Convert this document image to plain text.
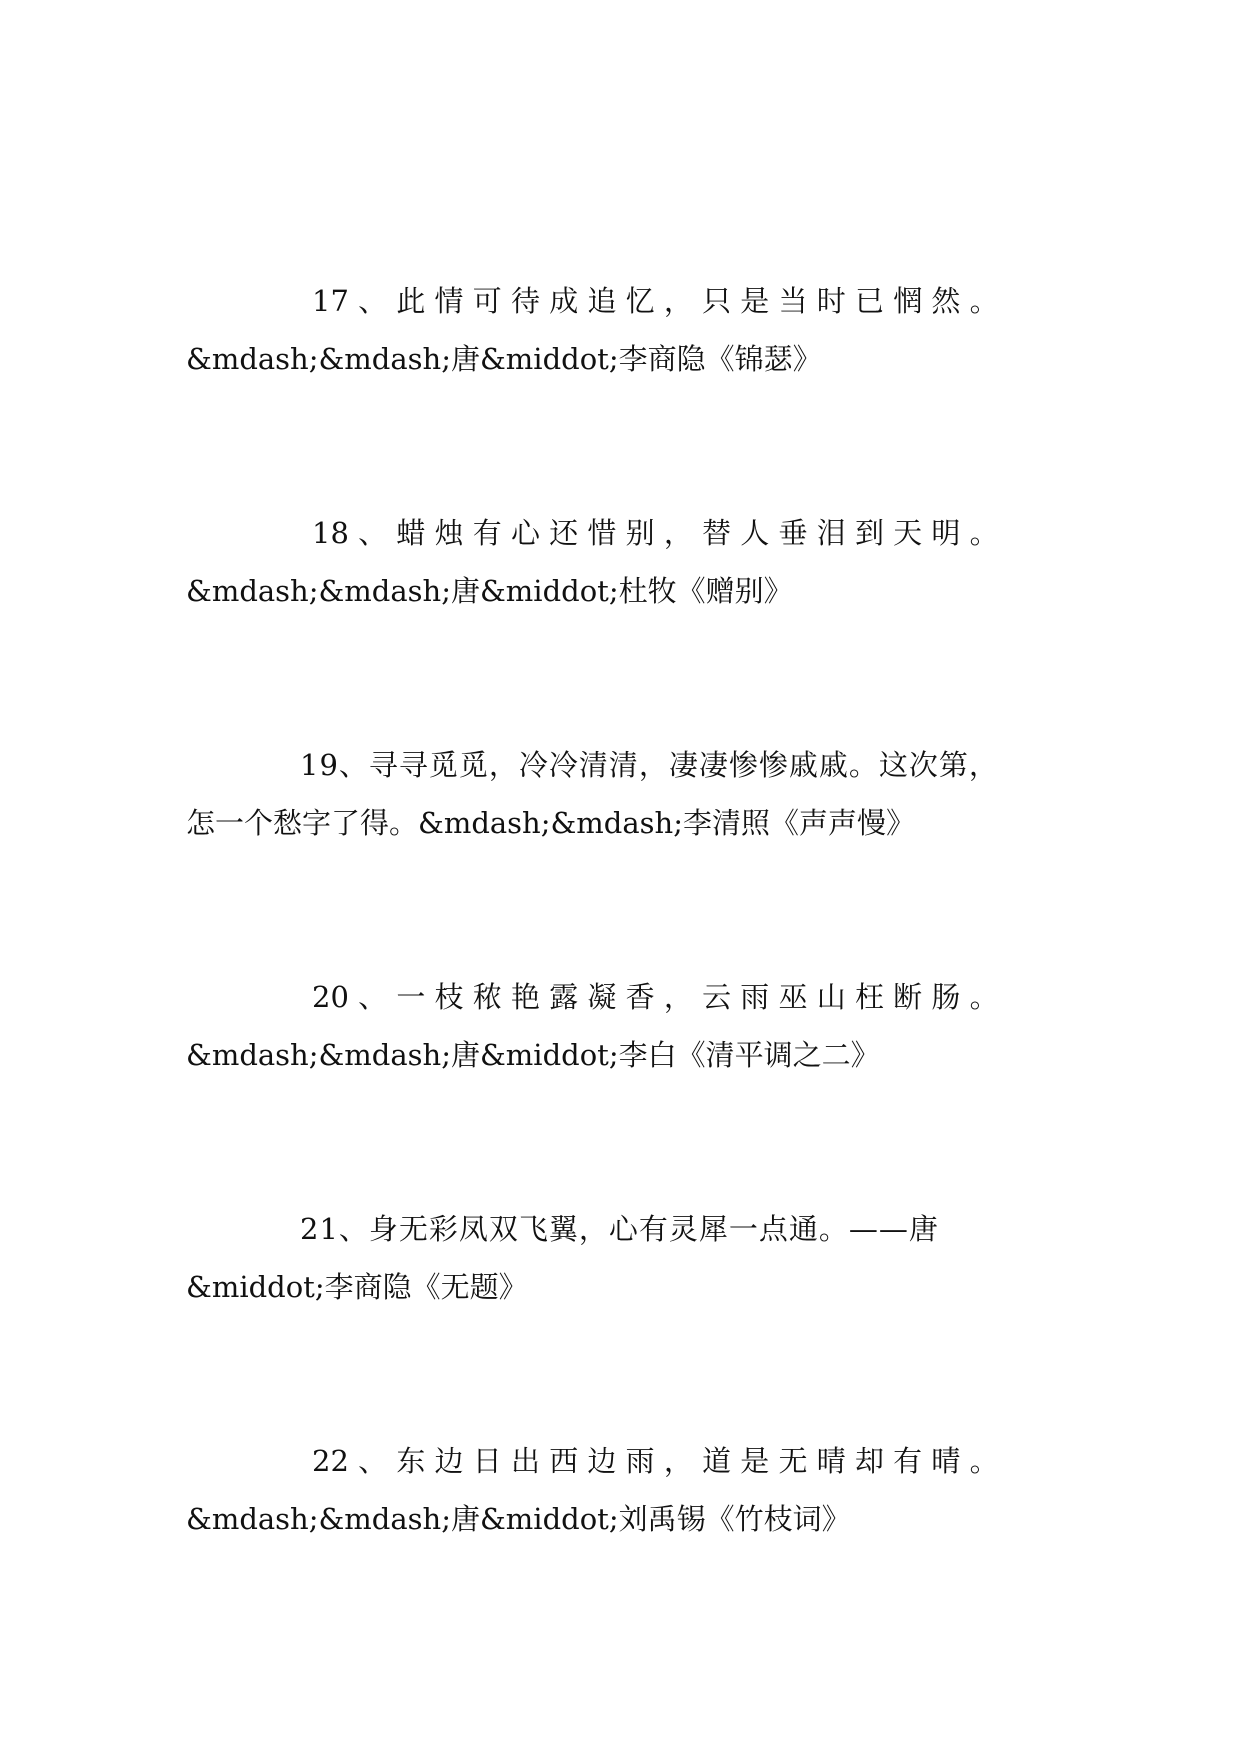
17 、 此 情 可 待 成 追 忆 ， 只 是 当 时 已 惘 然 。
&mdash;&mdash;唐&middot;李商隐《锦瑟》
18 、 蜡 烛 有 心 还 惜 别 ， 替 人 垂 泪 到 天 明 。
&mdash;&mdash;唐&middot;杜牧《赠别》
19、寻寻觅觅，冷冷清清，凄凄惨惨戚戚。这次第，
怎一个愁字了得。&mdash;&mdash;李清照《声声慢》
20 、 一 枝 秾 艳 露 凝 香 ， 云 雨 巫 山 枉 断 肠 。
&mdash;&mdash;唐&middot;李白《清平调之二》
21、身无彩凤双飞翼，心有灵犀一点通。——唐
&middot;李商隐《无题》
22 、 东 边 日 出 西 边 雨 ， 道 是 无 晴 却 有 晴 。
&mdash;&mdash;唐&middot;刘禹锡《竹枝词》
